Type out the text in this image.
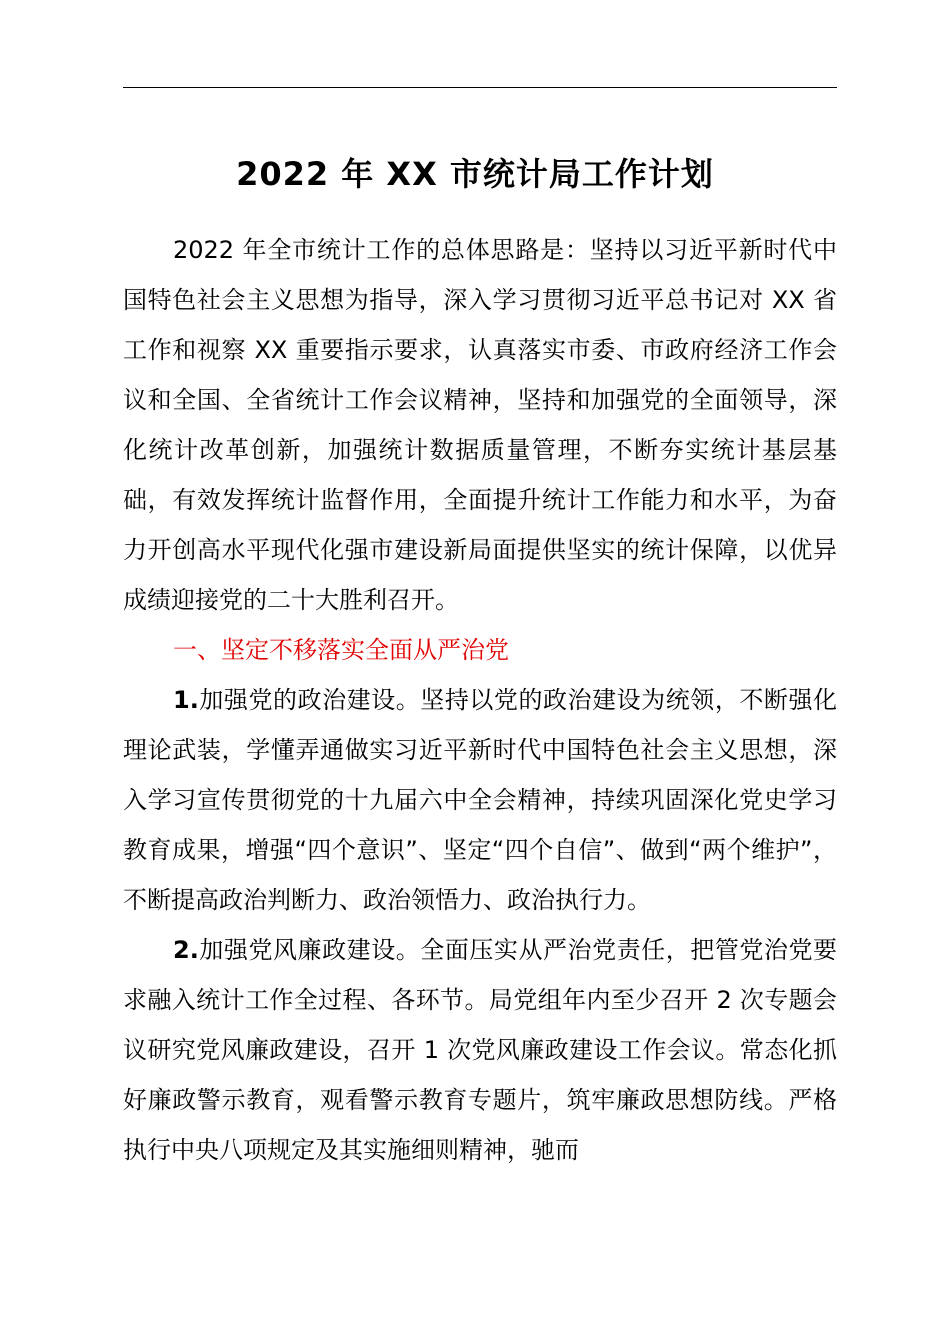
2022 年 XX 市统计局工作计划

2022 年全市统计工作的总体思路是：坚持以习近平新时代中国特色社会主义思想为指导，深入学习贯彻习近平总书记对 XX 省工作和视察 XX 重要指示要求，认真落实市委、市政府经济工作会议和全国、全省统计工作会议精神，坚持和加强党的全面领导，深化统计改革创新，加强统计数据质量管理，不断夯实统计基层基础，有效发挥统计监督作用，全面提升统计工作能力和水平，为奋力开创高水平现代化强市建设新局面提供坚实的统计保障，以优异成绩迎接党的二十大胜利召开。

一、坚定不移落实全面从严治党

1.加强党的政治建设。坚持以党的政治建设为统领，不断强化理论武装，学懂弄通做实习近平新时代中国特色社会主义思想，深入学习宣传贯彻党的十九届六中全会精神，持续巩固深化党史学习教育成果，增强“四个意识”、坚定“四个自信”、做到“两个维护”，不断提高政治判断力、政治领悟力、政治执行力。

2.加强党风廉政建设。全面压实从严治党责任，把管党治党要求融入统计工作全过程、各环节。局党组年内至少召开 2 次专题会议研究党风廉政建设，召开 1 次党风廉政建设工作会议。常态化抓好廉政警示教育，观看警示教育专题片，筑牢廉政思想防线。严格执行中央八项规定及其实施细则精神，驰而
